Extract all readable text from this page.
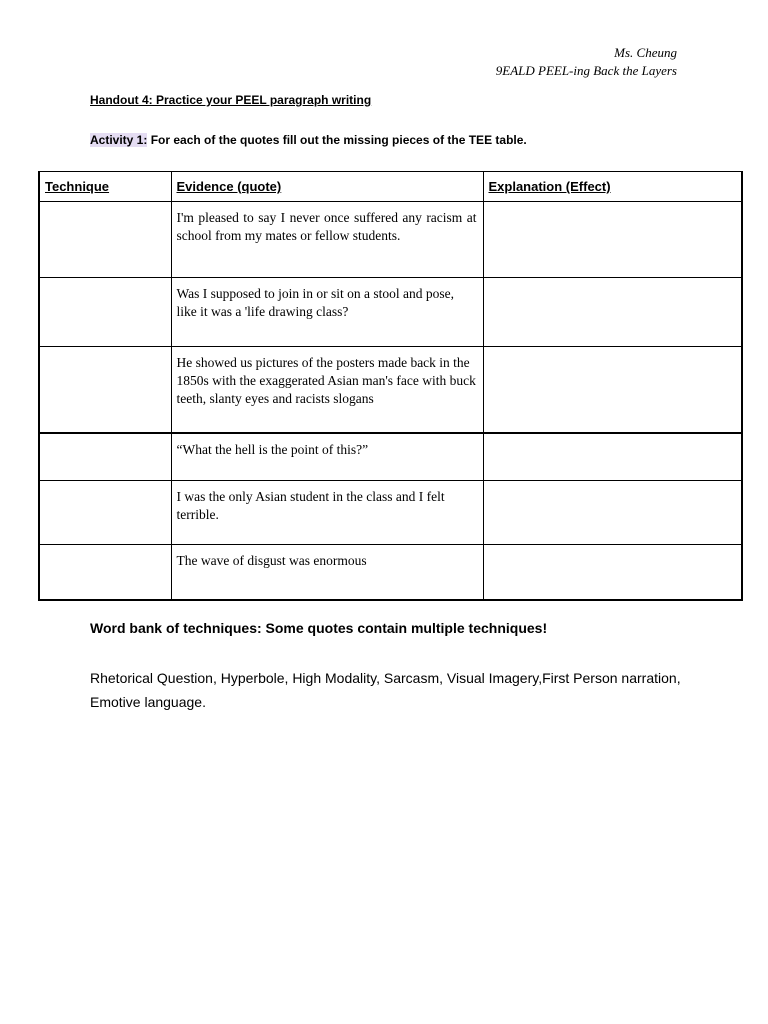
Ms. Cheung
9EALD PEEL-ing Back the Layers
Handout 4: Practice your PEEL paragraph writing
Activity 1: For each of the quotes fill out the missing pieces of the TEE table.
Technique	Evidence (quote)	Explanation (Effect)
	I'm pleased to say I never once suffered any racism at school from my mates or fellow students.	
	Was I supposed to join in or sit on a stool and pose, like it was a 'life drawing class?	
	He showed us pictures of the posters made back in the 1850s with the exaggerated Asian man's face with buck teeth, slanty eyes and racists slogans	
	“What the hell is the point of this?”	
	I was the only Asian student in the class and I felt terrible.	
	The wave of disgust was enormous	
Word bank of techniques: Some quotes contain multiple techniques!
Rhetorical Question, Hyperbole, High Modality, Sarcasm, Visual Imagery,First Person narration, Emotive language.
